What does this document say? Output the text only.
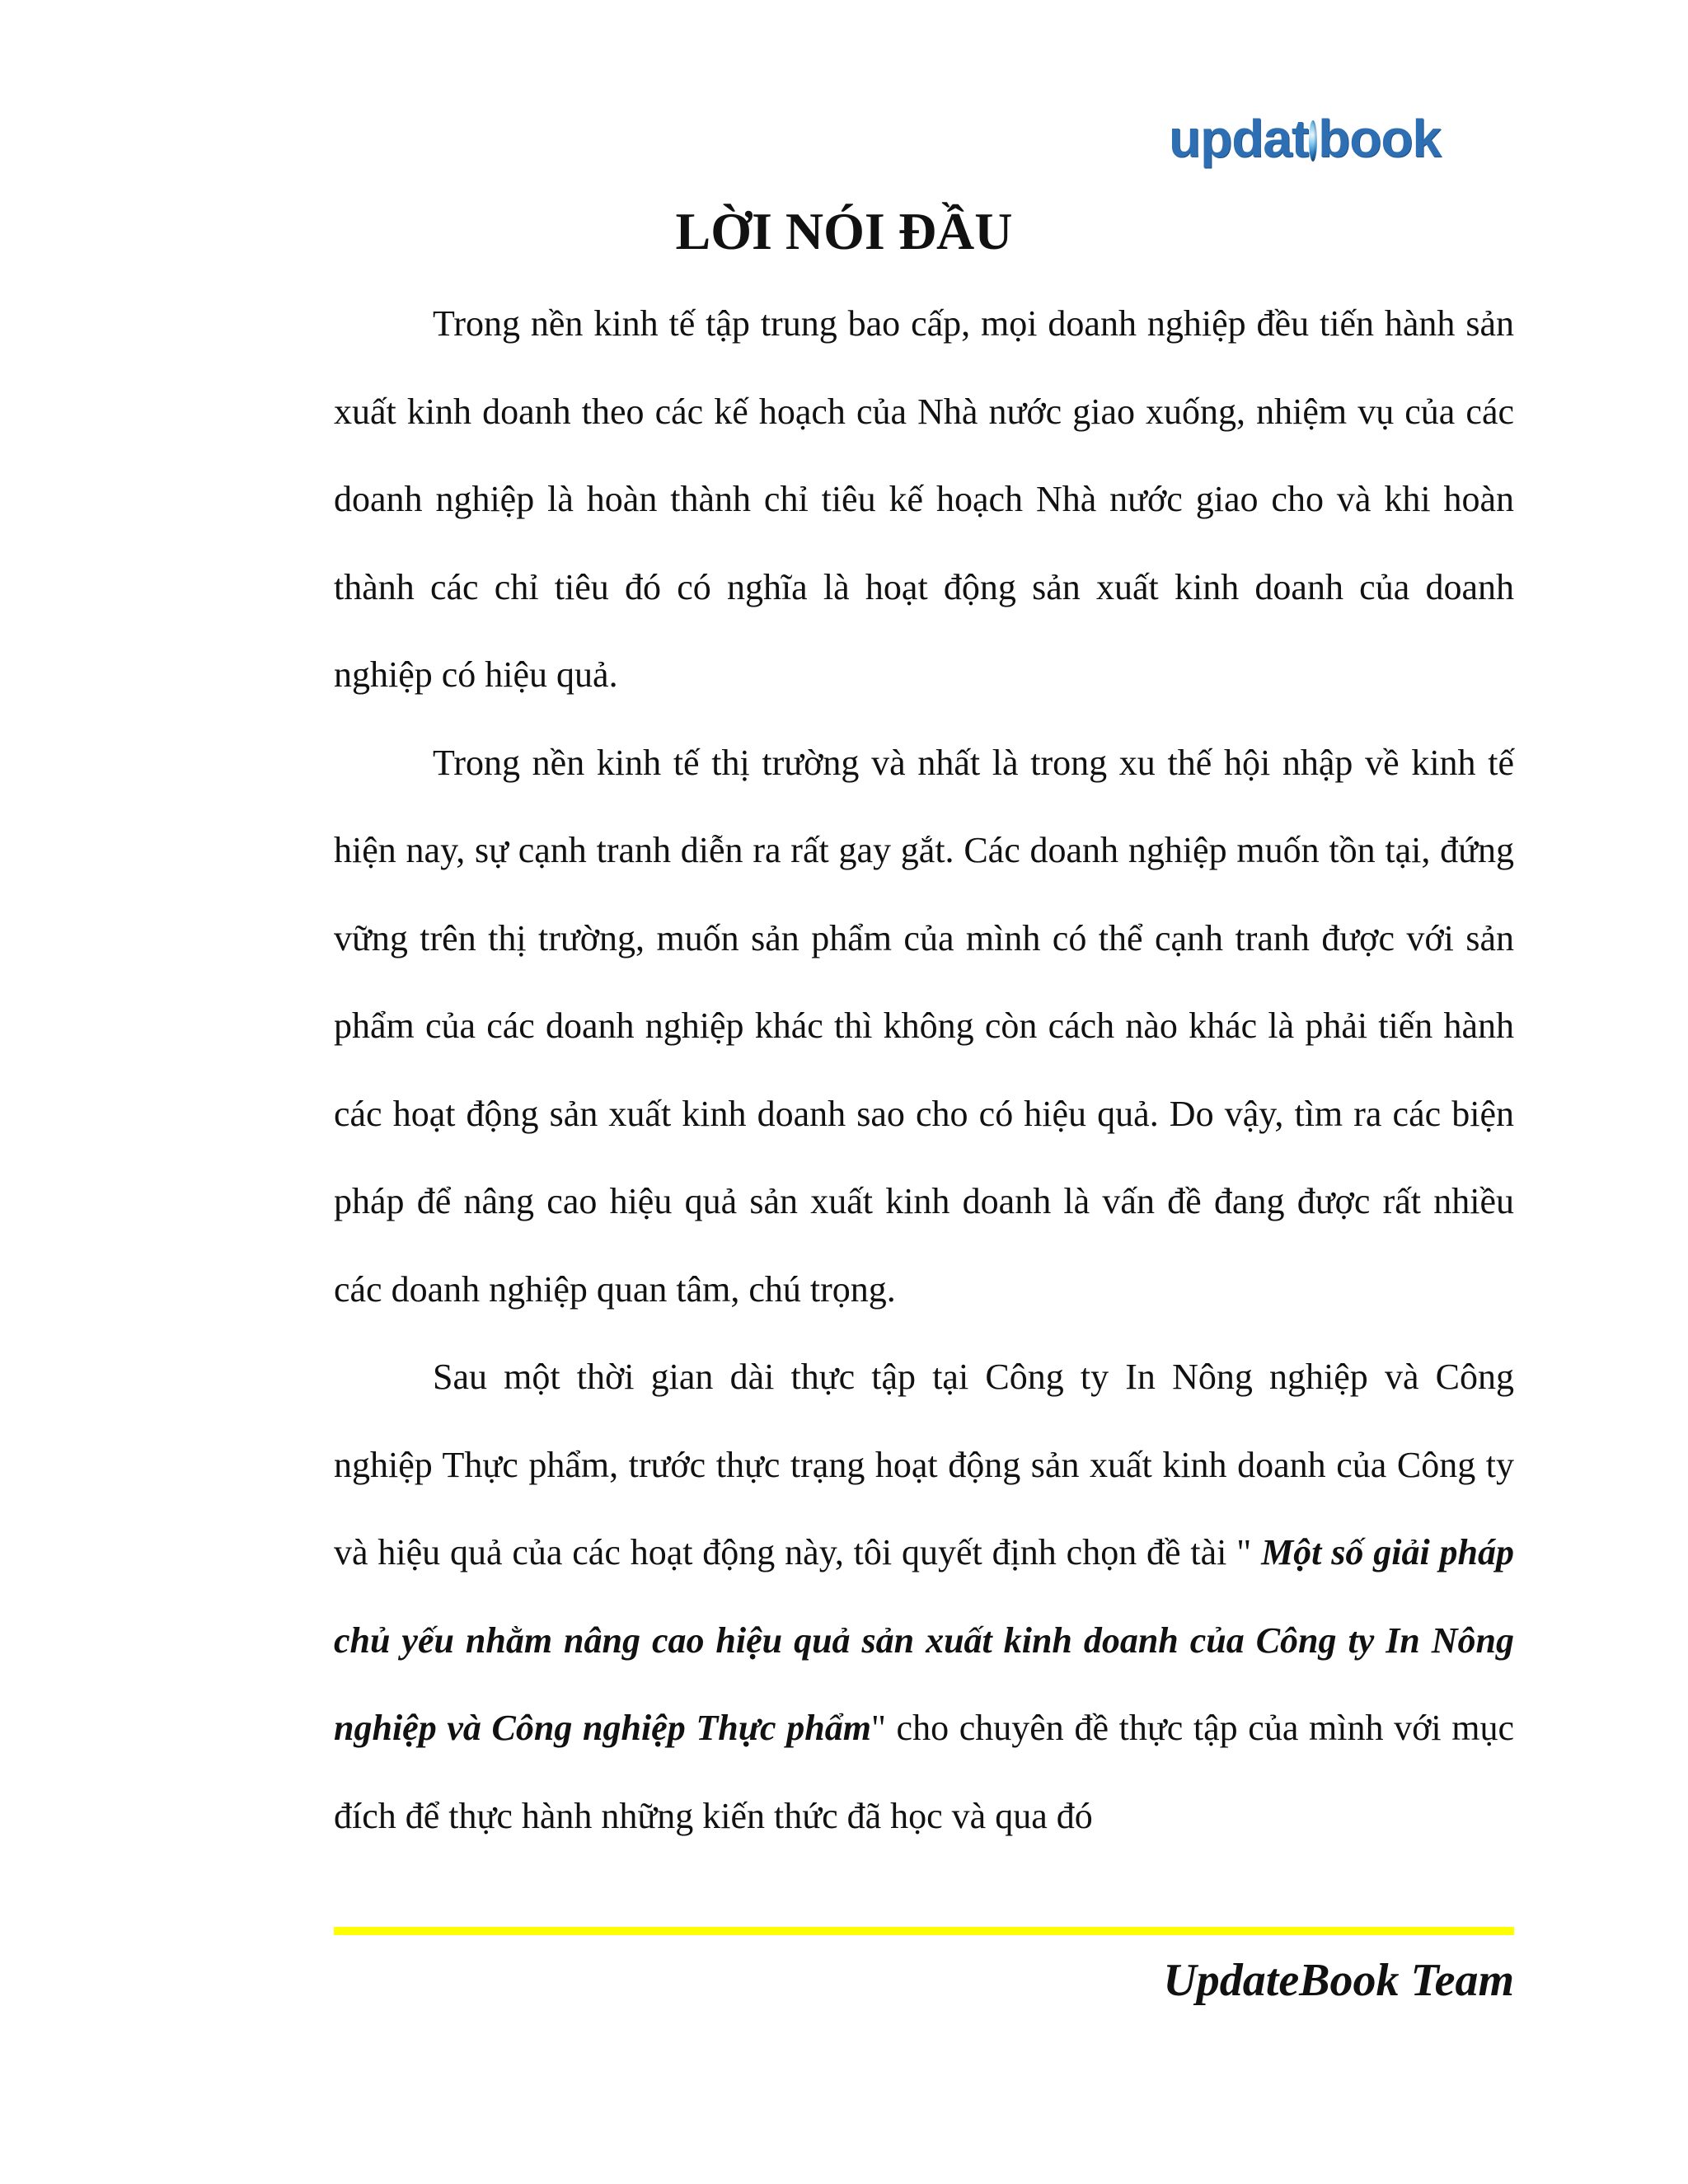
updat book
LỜI NÓI ĐẦU

Trong nền kinh tế tập trung bao cấp, mọi doanh nghiệp đều tiến hành sản xuất kinh doanh theo các kế hoạch của Nhà nước giao xuống, nhiệm vụ của các doanh nghiệp là hoàn thành chỉ tiêu kế hoạch Nhà nước giao cho và khi hoàn thành các chỉ tiêu đó có nghĩa là hoạt động sản xuất kinh doanh của doanh nghiệp có hiệu quả.

Trong nền kinh tế thị trường và nhất là trong xu thế hội nhập về kinh tế hiện nay, sự cạnh tranh diễn ra rất gay gắt. Các doanh nghiệp muốn tồn tại, đứng vững trên thị trường, muốn sản phẩm của mình có thể cạnh tranh được với sản phẩm của các doanh nghiệp khác thì không còn cách nào khác là phải tiến hành các hoạt động sản xuất kinh doanh sao cho có hiệu quả. Do vậy, tìm ra các biện pháp để nâng cao hiệu quả sản xuất kinh doanh là vấn đề đang được rất nhiều các doanh nghiệp quan tâm, chú trọng.

Sau một thời gian dài thực tập tại Công ty In Nông nghiệp và Công nghiệp Thực phẩm, trước thực trạng hoạt động sản xuất kinh doanh của Công ty và hiệu quả của các hoạt động này, tôi quyết định chọn đề tài " Một số giải pháp chủ yếu nhằm nâng cao hiệu quả sản xuất kinh doanh của Công ty In Nông nghiệp và Công nghiệp Thực phẩm" cho chuyên đề thực tập của mình với mục đích để thực hành những kiến thức đã học và qua đó

UpdateBook Team
